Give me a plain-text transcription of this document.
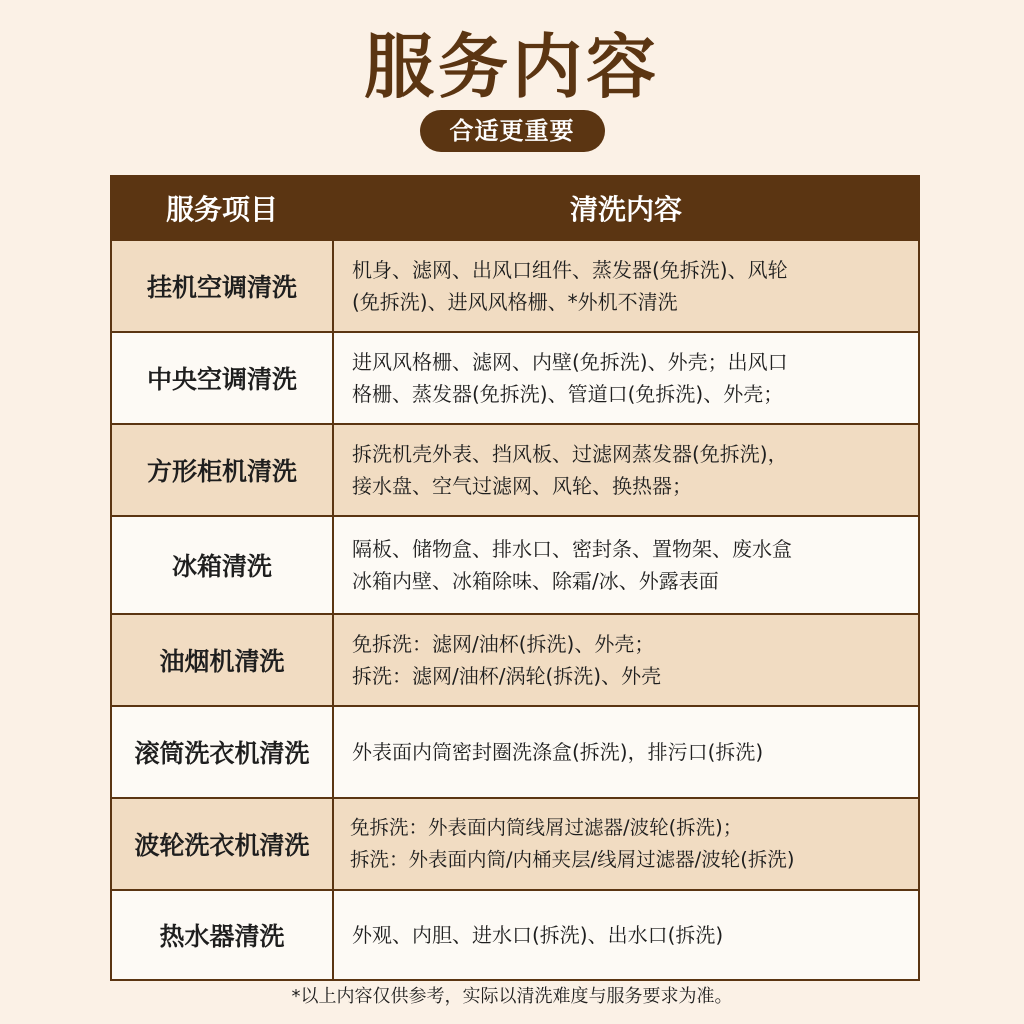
服务内容
合适更重要
服务项目	清洗内容
挂机空调清洗	机身、滤网、出风口组件、蒸发器(免拆洗)、风轮
(免拆洗)、进风风格栅、*外机不清洗

中央空调清洗	进风风格栅、滤网、内壁(免拆洗)、外壳；出风口
格栅、蒸发器(免拆洗)、管道口(免拆洗)、外壳；

方形柜机清洗	拆洗机壳外表、挡风板、过滤网蒸发器(免拆洗)，
接水盘、空气过滤网、风轮、换热器；

冰箱清洗	隔板、储物盒、排水口、密封条、置物架、废水盒
冰箱内壁、冰箱除味、除霜/冰、外露表面

油烟机清洗	免拆洗：滤网/油杯(拆洗)、外壳；
拆洗：滤网/油杯/涡轮(拆洗)、外壳

滚筒洗衣机清洗	外表面内筒密封圈洗涤盒(拆洗)，排污口(拆洗)

波轮洗衣机清洗	免拆洗：外表面内筒线屑过滤器/波轮(拆洗)；
拆洗：外表面内筒/内桶夹层/线屑过滤器/波轮(拆洗)

热水器清洗	外观、内胆、进水口(拆洗)、出水口(拆洗)
*以上内容仅供参考，实际以清洗难度与服务要求为准。
